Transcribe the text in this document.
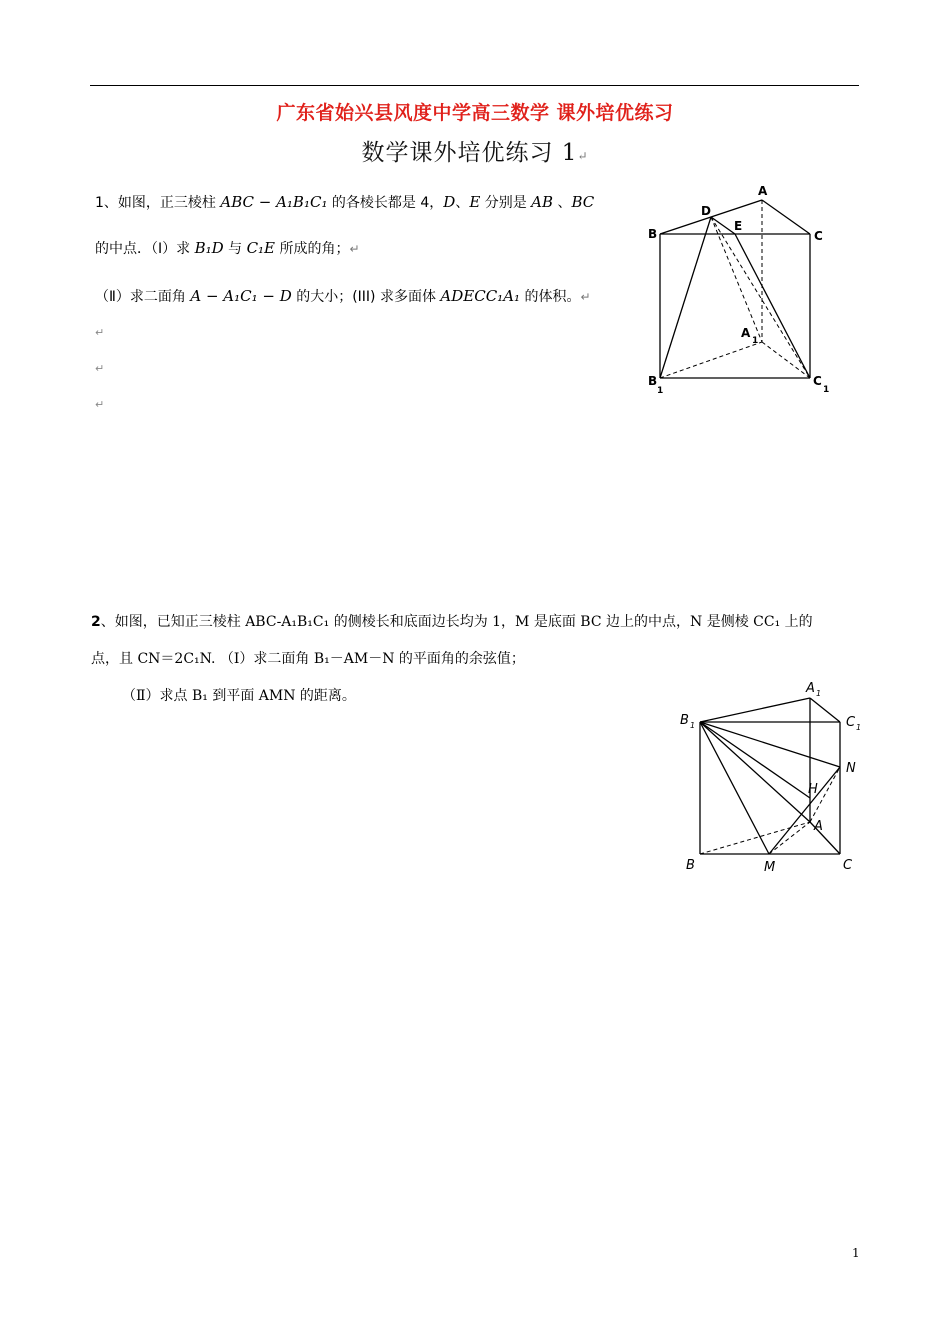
广东省始兴县风度中学高三数学 课外培优练习
数学课外培优练习 1↵
1、如图，正三棱柱 ABC − A₁B₁C₁ 的各棱长都是 4，D、E 分别是 AB 、BC
的中点．（Ⅰ）求 B₁D 与 C₁E 所成的角；↵
（Ⅱ）求二面角 A − A₁C₁ − D 的大小；(III) 求多面体 ADECC₁A₁ 的体积。↵
↵
↵
↵
A
B	C
D
E
A
1
B
1
C
1
2、如图，已知正三棱柱 ABC-A₁B₁C₁ 的侧棱长和底面边长均为 1，M 是底面 BC 边上的中点，N 是侧棱 CC₁ 上的
点，且 CN＝2C₁N. （Ⅰ）求二面角 B₁－AM－N 的平面角的余弦值；
（Ⅱ）求点 B₁ 到平面 AMN 的距离。	A 1
B 1	C 1
N
H
A
B	M	C
1
